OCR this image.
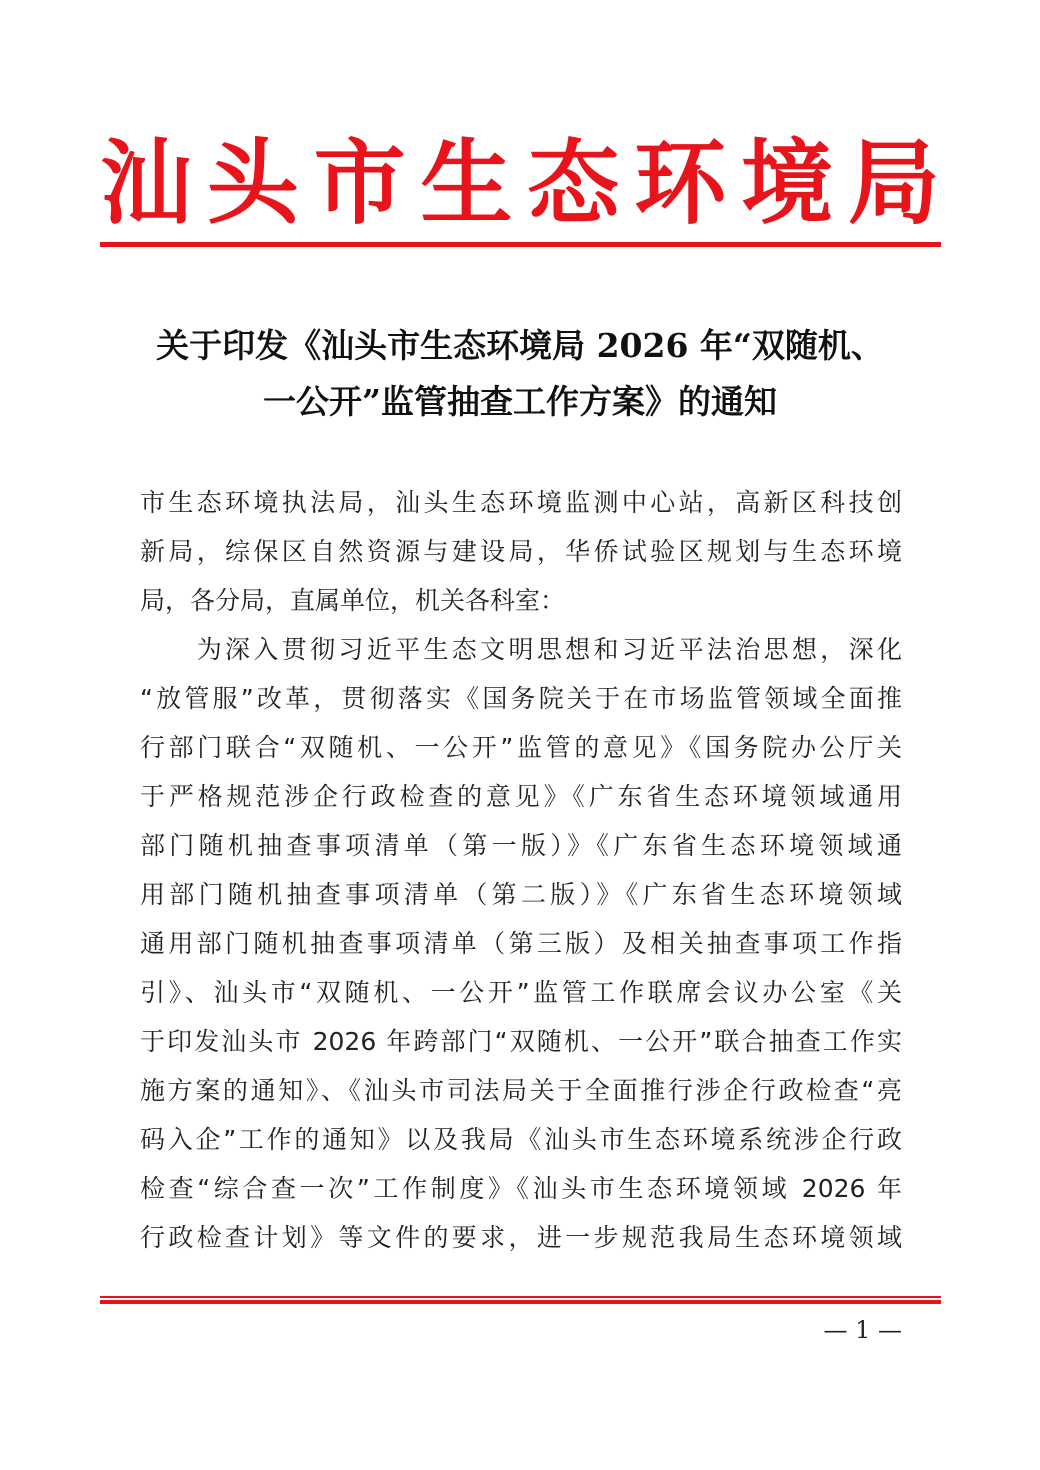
汕 头 市 生 态 环 境 局
关于印发《汕头市生态环境局 2026 年“双随机、
一公开”监管抽查工作方案》的通知
市生态环境执法局，汕头生态环境监测中心站，高新区科技创
新局，综保区自然资源与建设局，华侨试验区规划与生态环境
局，各分局，直属单位，机关各科室：
　　为深入贯彻习近平生态文明思想和习近平法治思想，深化
“放管服”改革，贯彻落实《国务院关于在市场监管领域全面推
行部门联合“双随机、一公开”监管的意见》《国务院办公厅关
于严格规范涉企行政检查的意见》《广东省生态环境领域通用
部门随机抽查事项清单（第一版）》《广东省生态环境领域通
用部门随机抽查事项清单（第二版）》《广东省生态环境领域
通用部门随机抽查事项清单（第三版）及相关抽查事项工作指
引》、汕头市“双随机、一公开”监管工作联席会议办公室《关
于印发汕头市 2026 年跨部门“双随机、一公开”联合抽查工作实
施方案的通知》、《汕头市司法局关于全面推行涉企行政检查“亮
码入企”工作的通知》以及我局《汕头市生态环境系统涉企行政
检查“综合查一次”工作制度》《汕头市生态环境领域 2026 年
行政检查计划》等文件的要求，进一步规范我局生态环境领域
— 1 —
